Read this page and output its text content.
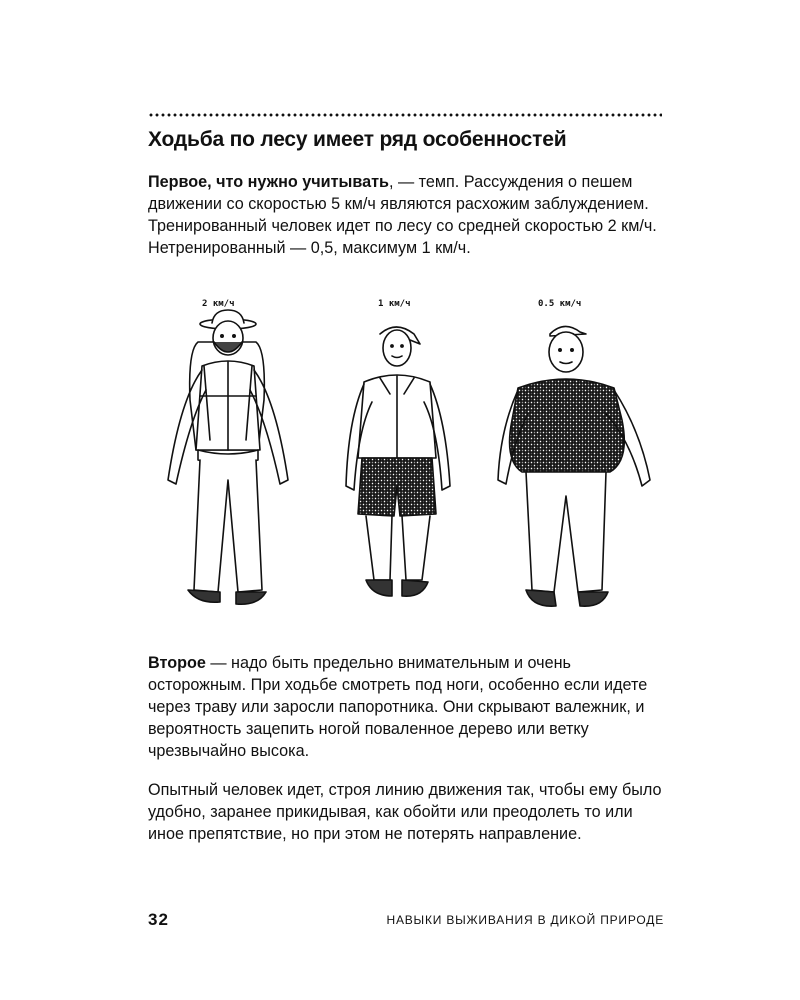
Ходьба по лесу имеет ряд особенностей

Первое, что нужно учитывать, — темп. Рассуждения о пешем движении со скоростью 5 км/ч являются расхожим заблуждением. Тренированный человек идет по лесу со средней скоростью 2 км/ч. Нетренированный — 0,5, максимум 1 км/ч.

2 км/ч	1 км/ч	0.5 км/ч

Второе — надо быть предельно внимательным и очень осторожным. При ходьбе смотреть под ноги, особенно если идете через траву или заросли папоротника. Они скрывают валежник, и вероятность зацепить ногой поваленное дерево или ветку чрезвычайно высока.

Опытный человек идет, строя линию движения так, чтобы ему было удобно, заранее прикидывая, как обойти или преодолеть то или иное препятствие, но при этом не потерять направление.

32	НАВЫКИ ВЫЖИВАНИЯ В ДИКОЙ ПРИРОДЕ
